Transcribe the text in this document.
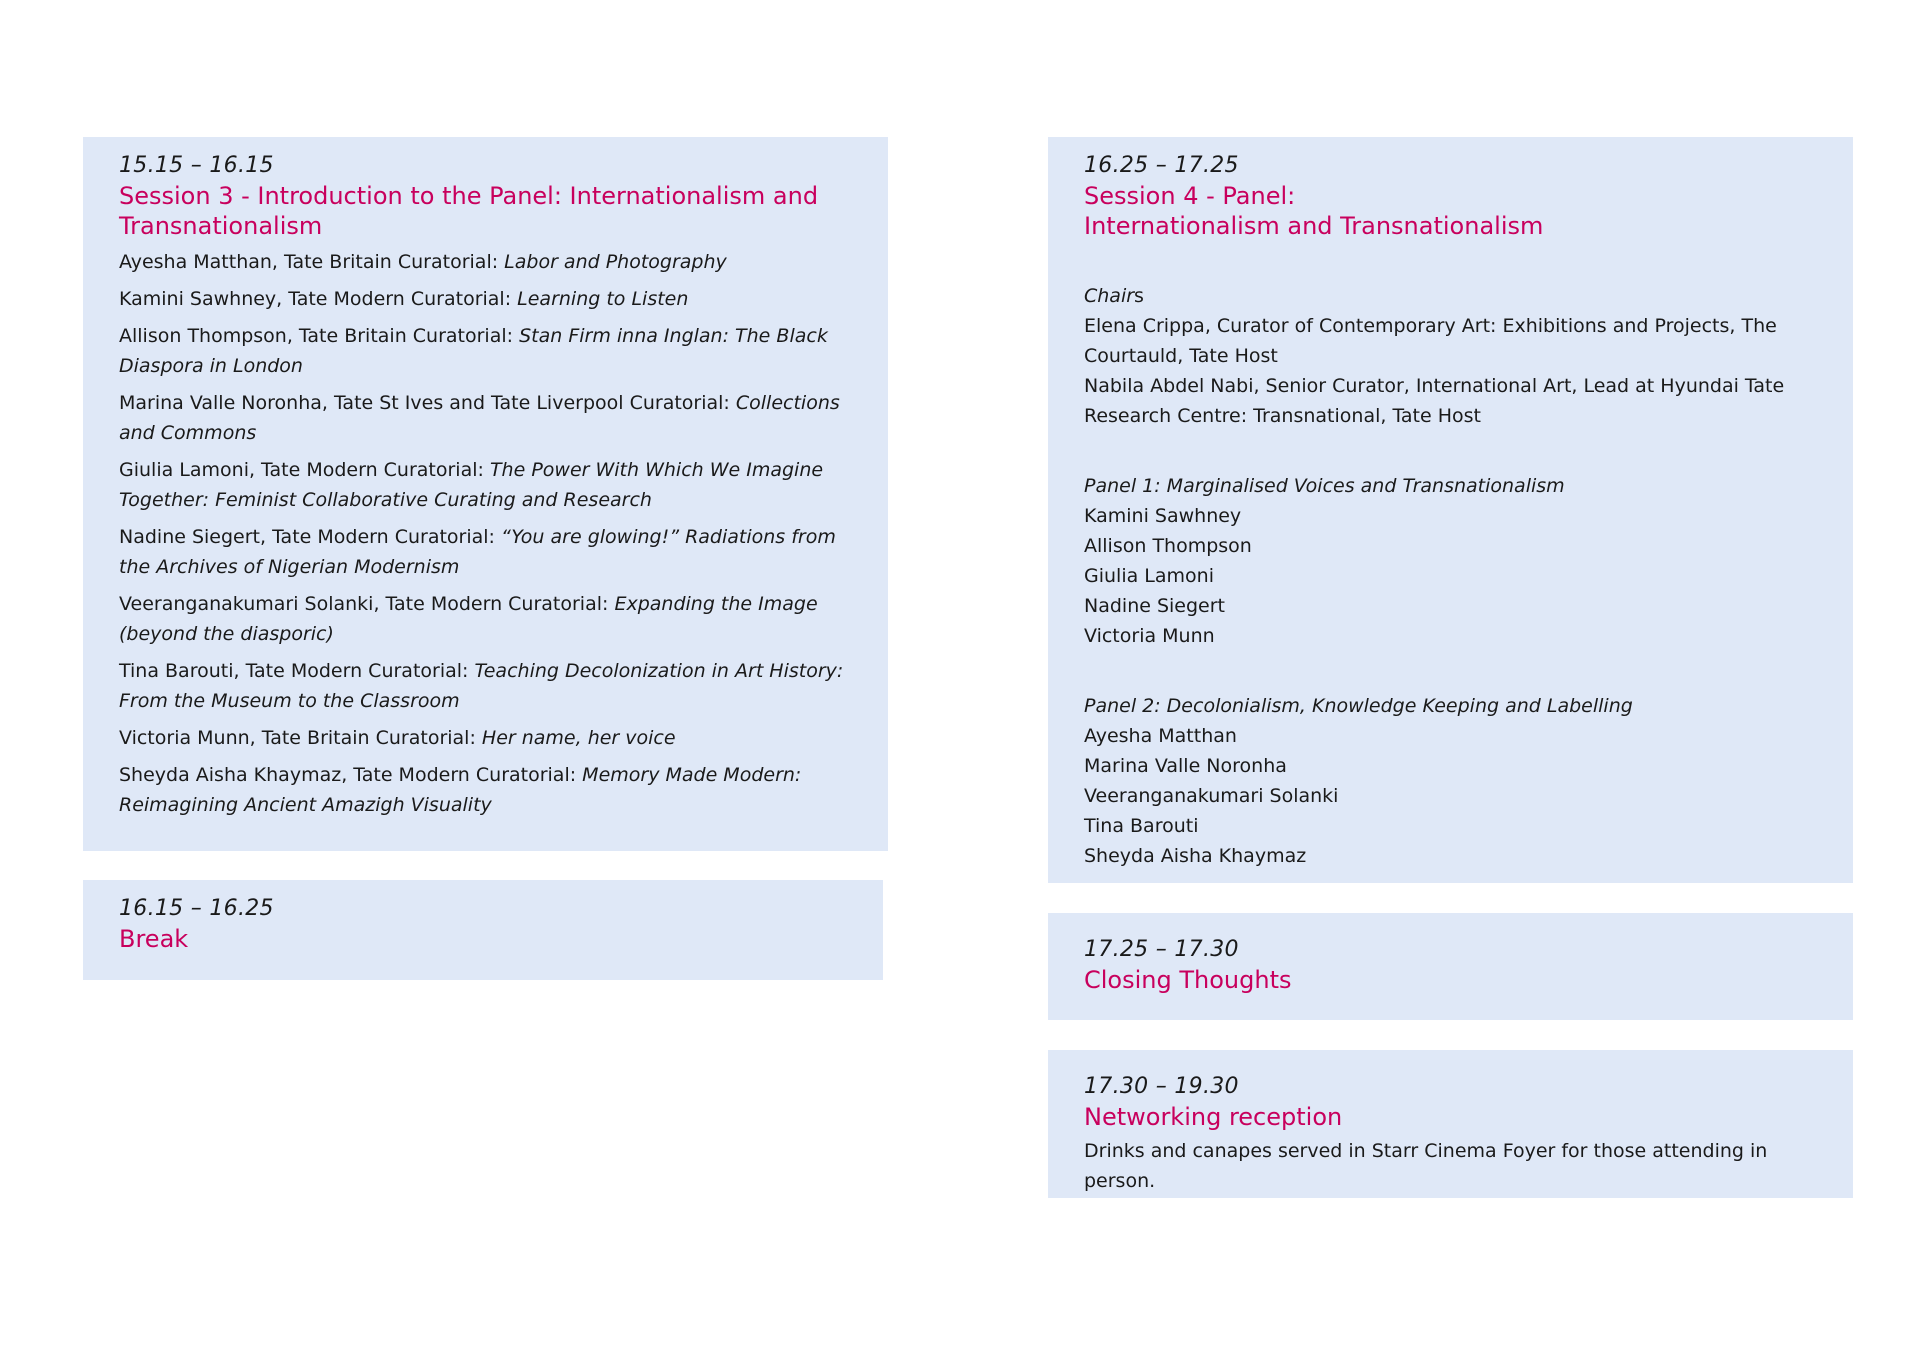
15.15 – 16.15

Session 3 - Introduction to the Panel: Internationalism and
Transnationalism

Ayesha Matthan, Tate Britain Curatorial: Labor and Photography

Kamini Sawhney, Tate Modern Curatorial: Learning to Listen

Allison Thompson, Tate Britain Curatorial: Stan Firm inna Inglan: The Black Diaspora in London

Marina Valle Noronha, Tate St Ives and Tate Liverpool Curatorial: Collections and Commons

Giulia Lamoni, Tate Modern Curatorial: The Power With Which We Imagine Together: Feminist Collaborative Curating and Research

Nadine Siegert, Tate Modern Curatorial: “You are glowing!” Radiations from the Archives of Nigerian Modernism

Veeranganakumari Solanki, Tate Modern Curatorial: Expanding the Image (beyond the diasporic)

Tina Barouti, Tate Modern Curatorial: Teaching Decolonization in Art History: From the Museum to the Classroom

Victoria Munn, Tate Britain Curatorial: Her name, her voice

Sheyda Aisha Khaymaz, Tate Modern Curatorial: Memory Made Modern: Reimagining Ancient Amazigh Visuality

16.15 – 16.25

Break

16.25 – 17.25

Session 4 - Panel:
Internationalism and Transnationalism

Chairs

Elena Crippa, Curator of Contemporary Art: Exhibitions and Projects, The

Courtauld, Tate Host

Nabila Abdel Nabi, Senior Curator, International Art, Lead at Hyundai Tate

Research Centre: Transnational, Tate Host

Panel 1: Marginalised Voices and Transnationalism

Kamini Sawhney

Allison Thompson

Giulia Lamoni

Nadine Siegert

Victoria Munn

Panel 2: Decolonialism, Knowledge Keeping and Labelling

Ayesha Matthan

Marina Valle Noronha

Veeranganakumari Solanki

Tina Barouti

Sheyda Aisha Khaymaz

17.25 – 17.30

Closing Thoughts

17.30 – 19.30

Networking reception

Drinks and canapes served in Starr Cinema Foyer for those attending in person.
